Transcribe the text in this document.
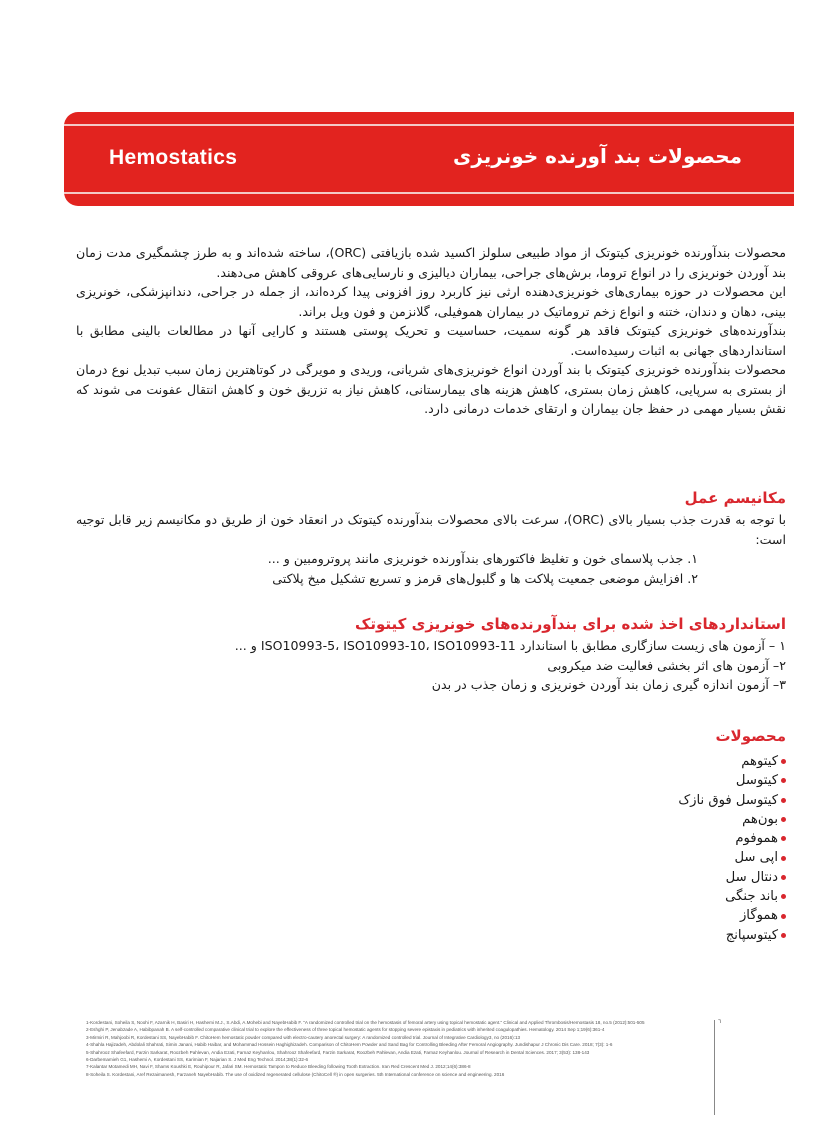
Hemostatics	محصولات بند آورنده خونریزی

محصولات بندآورنده خونریزی کیتوتک از مواد طبیعی سلولز اکسید شده بازیافتی (ORC)، ساخته شده‌اند و به طرز چشمگیری مدت زمان بند آوردن خونریزی را در انواع تروما، برش‌های جراحی، بیماران دیالیزی و نارسایی‌های عروقی کاهش می‌دهند.

این محصولات در حوزه بیماری‌های خونریزی‌دهنده ارثی نیز کاربرد روز افزونی پیدا کرده‌اند، از جمله در جراحی، دندانپزشکی، خونریزی بینی، دهان و دندان، ختنه و انواع زخم تروماتیک در بیماران هموفیلی، گلانزمن و فون ویل براند.

بندآورنده‌های خونریزی کیتوتک فاقد هر گونه سمیت، حساسیت و تحریک پوستی هستند و کارایی آنها در مطالعات بالینی مطابق با استانداردهای جهانی به اثبات رسیده‌است.

محصولات بندآورنده خونریزی کیتوتک با بند آوردن انواع خونریزی‌های شریانی، وریدی و مویرگی در کوتاهترین زمان سبب تبدیل نوع درمان از بستری به سرپایی، کاهش زمان بستری، کاهش هزینه های بیمارستانی، کاهش نیاز به تزریق خون و کاهش انتقال عفونت می شوند که نقش بسیار مهمی در حفظ جان بیماران و ارتقای خدمات درمانی دارد.

مکانیسم عمل

با توجه به قدرت جذب بسیار بالای (ORC)، سرعت بالای محصولات بندآورنده کیتوتک در انعقاد خون از طریق دو مکانیسم زیر قابل توجیه است:

۱. جذب پلاسمای خون و تغلیظ فاکتورهای بندآورنده خونریزی مانند پروترومبین و ...

۲. افزایش موضعی جمعیت پلاکت ها و گلبول‌های قرمز و تسریع تشکیل میخ پلاکتی

استانداردهای اخذ شده برای بندآورنده‌های خونریزی کیتوتک

۱ – آزمون های زیست سازگاری مطابق با استاندارد ISO10993-5، ISO10993-10، ISO10993-11 و ...

۲– آزمون های اثر بخشی فعالیت ضد میکروبی

۳– آزمون اندازه گیری زمان بند آوردن خونریزی و زمان جذب در بدن

محصولات
کیتوهم
کیتوسل
کیتوسل فوق نازک
بون‌هم
هموفوم
اپی سل
دنتال سل
باند جنگی
هموگاز
کیتوسپانج
1-Kordestani, Soheila S, Noohi F, Azarnik H, Basiri H, Hashemi M.J., S.Abdi, A.Mohebi and NayebHabib F. "A randomized controlled trial on the hemostasis of femoral artery using topical hemostatic agent." Clinical and Applied Thrombosis/Hemostasis 18, no.5 (2012):501-505
2-Eshghi P, Jenabzade A, Habibpanah B. A self-controlled comparative clinical trial to explore the effectiveness of three topical hemostatic agents for stopping severe epistaxis in pediatrics with inherited coagulopathies. Hematology. 2014 Sep 1;19(6):361-4
3-Mirmiri R, Mahjoobi R, Kordestani SS, NayebHabib F. ChitoHem hemostatic powder compared with electro-cautery anorectal surgery: A randomized controlled trial. Journal of Integrative Cardiology3, no (2016):13
4-Shahla Hajizadeh, Abdolali Shahrati, Simin Janani, Habib Haibar, and Mohammad Hossein Haghighizadeh. Comparison of ChitoHem Powder and Sand Bag for Controlling Bleeding After Femoral Angiography. Jundishapur J Chronic Dis Care. 2018; 7(3): 1-6
5-Shahrooz Shafeefard, Farzin Sarkarat, Roozbeh Pahlevan, Andia Ezati, Farnaz Keyhanlou, Shahrooz Shafeefard, Farzin Sarkarat, Roozbeh Pahlevan, Andia Ezati, Farnaz Keyhanlou. Journal of Research in Dental Sciences. 2017; 3(53): 138-143
6-Darbemamieh G1, Hashemi A, Kordestani SS, Karimian F, Najarian S. J Med Eng Technol. 2014;38(1):32-6
7-Kalantar Motamedi MH, Navi F, Shams Koushki E, Rouhipour R, Jafari SM. Hemostatic Tampon to Reduce Bleeding following Tooth Extraction. Iran Red Crescent Med J. 2012;14(6):386-8
8-Soheila S. Kordestani, Aref Rezaimanesh, Farzaneh NayebHabib. The use of oxidized regenerated cellulose (ChitoCell ®) in open surgeries. 5th International conference on science and engineering. 2016
٦
